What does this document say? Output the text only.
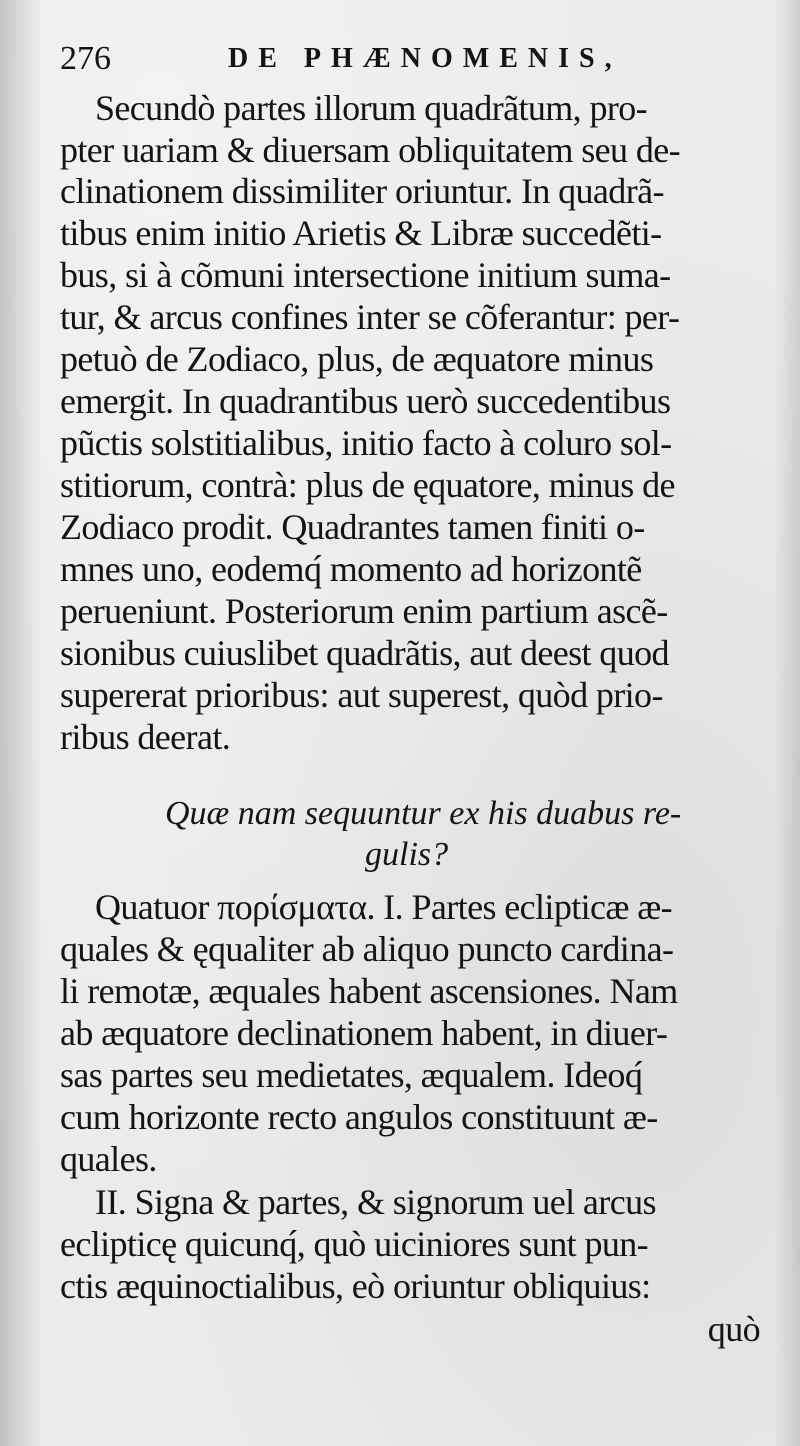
276	DE PHÆNOMENIS,
Secundò partes illorum quadrãtum, pro-
pter uariam & diuersam obliquitatem seu de-
clinationem dissimiliter oriuntur. In quadrã-
tibus enim initio Arietis & Libræ succedẽti-
bus, si à cõmuni interse​ctione initium suma-
tur, & arcus confines inter se cõferantur: per-
petuò de Zodiaco, plus, de æquatore minus
emergit. In quadrantibus uerò succedentibus
pũctis solstitialibus, initio facto à coluro sol-
stitiorum, contrà: plus de ęquatore, minus de
Zodiaco prodit. Quadrantes tamen finiti o-
mnes uno, eodemq́ momento ad horizontẽ
perueniunt. Posteriorum enim partium ascẽ-
sionibus cuiuslibet quadrãtis, aut deest quod
supererat prioribus: aut superest, quòd prio-
ribus deerat.
Quæ nam sequuntur ex his duabus re-
gulis?
Quatuor πορίσματα. I. Partes eclipticæ æ-
quales & ęqualiter ab aliquo puncto cardina-
li remotæ, æquales habent ascensiones. Nam
ab æquatore declinationem habent, in diuer-
sas partes seu medietates, æqualem. Ideoq́
cum horizonte recto angulos constituunt æ-
quales.
II. Signa & partes, & signorum uel arcus
eclipticę quicunq́, quò uiciniores sunt pun-
ctis æquinoctialibus, eò oriuntur obliquius:
quò
